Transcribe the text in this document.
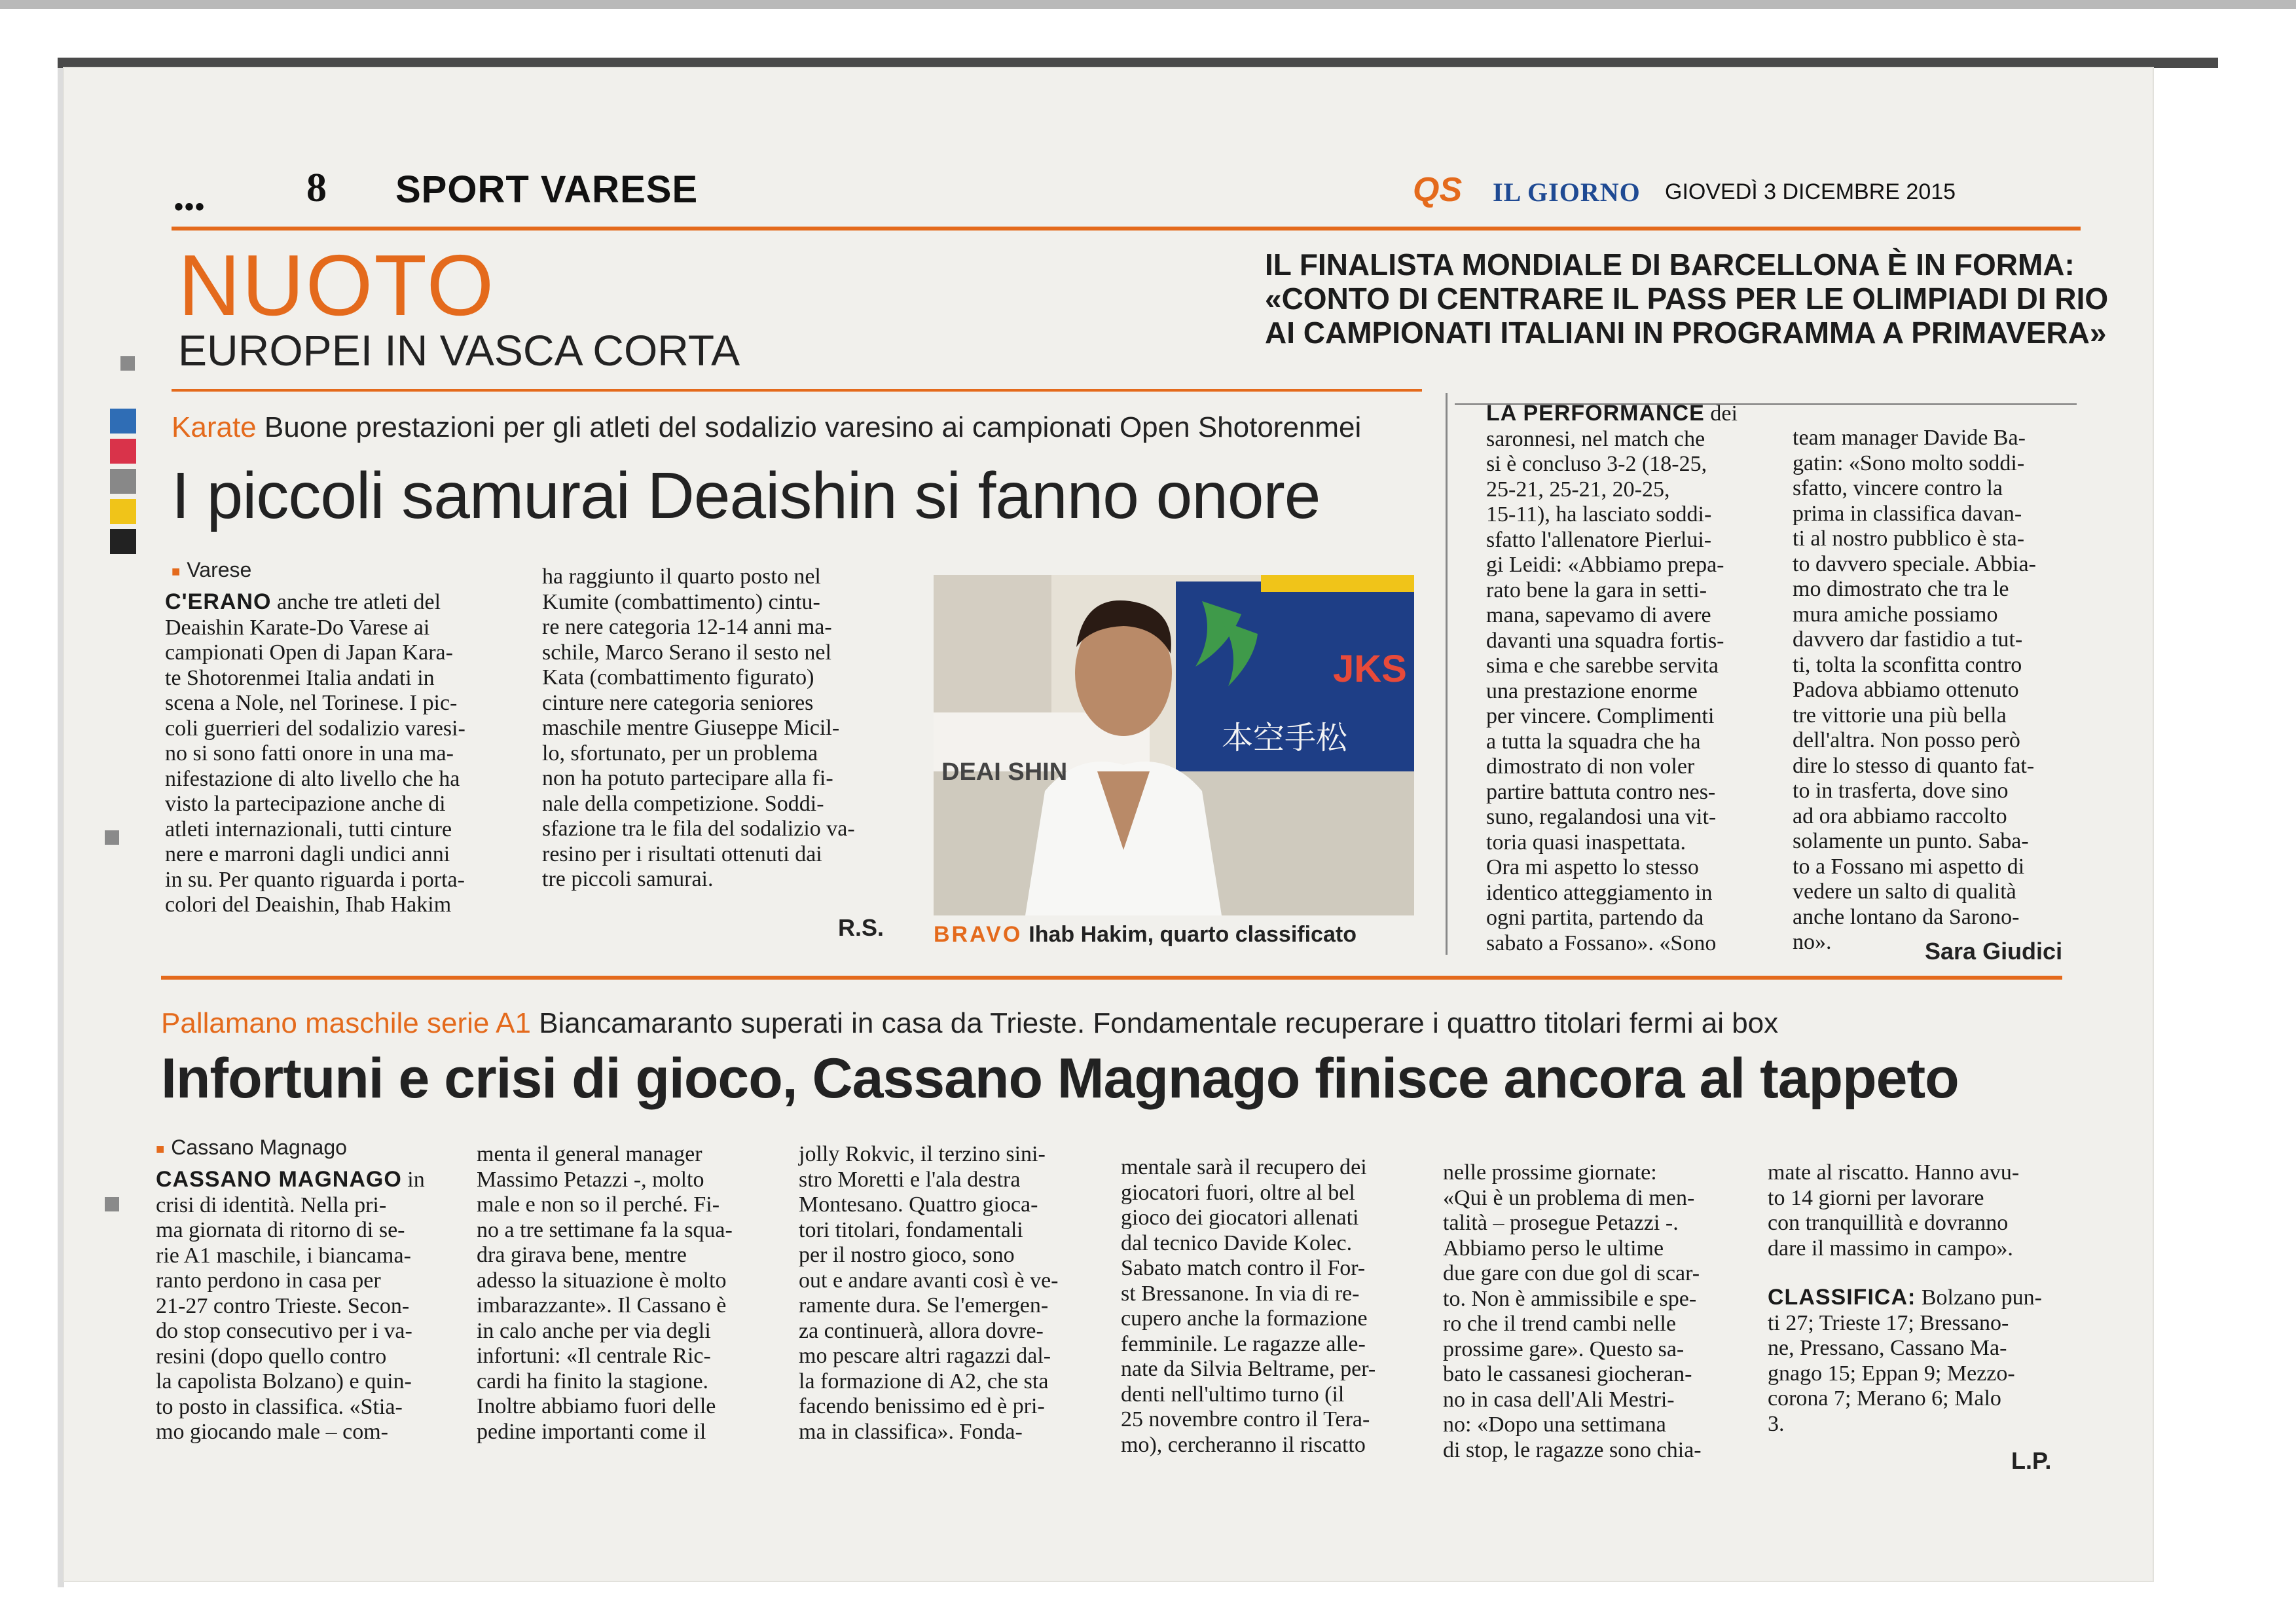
••• 8 SPORT VARESE	QS IL GIORNO GIOVEDÌ 3 DICEMBRE 2015
NUOTO
EUROPEI IN VASCA CORTA

IL FINALISTA MONDIALE DI BARCELLONA È IN FORMA:
«CONTO DI CENTRARE IL PASS PER LE OLIMPIADI DI RIO
AI CAMPIONATI ITALIANI IN PROGRAMMA A PRIMAVERA»
Karate Buone prestazioni per gli atleti del sodalizio varesino ai campionati Open Shotorenmei
I piccoli samurai Deaishin si fanno onore
■ Varese
C'ERANO anche tre atleti del
Deaishin Karate-Do Varese ai
campionati Open di Japan Kara-
te Shotorenmei Italia andati in
scena a Nole, nel Torinese. I pic-
coli guerrieri del sodalizio varesi-
no si sono fatti onore in una ma-
nifestazione di alto livello che ha
visto la partecipazione anche di
atleti internazionali, tutti cinture
nere e marroni dagli undici anni
in su. Per quanto riguarda i porta-
colori del Deaishin, Ihab Hakim
ha raggiunto il quarto posto nel
Kumite (combattimento) cintu-
re nere categoria 12-14 anni ma-
schile, Marco Serano il sesto nel
Kata (combattimento figurato)
cinture nere categoria seniores
maschile mentre Giuseppe Micil-
lo, sfortunato, per un problema
non ha potuto partecipare alla fi-
nale della competizione. Soddi-
sfazione tra le fila del sodalizio va-
resino per i risultati ottenuti dai
tre piccoli samurai.
R.S.
DEAI SHIN
JKS
本空手松
BRAVO Ihab Hakim, quarto classificato
LA PERFORMANCE dei
saronnesi, nel match che
si è concluso 3-2 (18-25,
25-21, 25-21, 20-25,
15-11), ha lasciato soddi-
sfatto l'allenatore Pierlui-
gi Leidi: «Abbiamo prepa-
rato bene la gara in setti-
mana, sapevamo di avere
davanti una squadra fortis-
sima e che sarebbe servita
una prestazione enorme
per vincere. Complimenti
a tutta la squadra che ha
dimostrato di non voler
partire battuta contro nes-
suno, regalandosi una vit-
toria quasi inaspettata.
Ora mi aspetto lo stesso
identico atteggiamento in
ogni partita, partendo da
sabato a Fossano». «Sono
team manager Davide Ba-
gatin: «Sono molto soddi-
sfatto, vincere contro la
prima in classifica davan-
ti al nostro pubblico è sta-
to davvero speciale. Abbia-
mo dimostrato che tra le
mura amiche possiamo
davvero dar fastidio a tut-
ti, tolta la sconfitta contro
Padova abbiamo ottenuto
tre vittorie una più bella
dell'altra. Non posso però
dire lo stesso di quanto fat-
to in trasferta, dove sino
ad ora abbiamo raccolto
solamente un punto. Saba-
to a Fossano mi aspetto di
vedere un salto di qualità
anche lontano da Sarono-
no».	Sara Giudici
Pallamano maschile serie A1 Biancamaranto superati in casa da Trieste. Fondamentale recuperare i quattro titolari fermi ai box
Infortuni e crisi di gioco, Cassano Magnago finisce ancora al tappeto
■ Cassano Magnago
CASSANO MAGNAGO in
crisi di identità. Nella pri-
ma giornata di ritorno di se-
rie A1 maschile, i biancama-
ranto perdono in casa per
21-27 contro Trieste. Secon-
do stop consecutivo per i va-
resini (dopo quello contro
la capolista Bolzano) e quin-
to posto in classifica. «Stia-
mo giocando male – com-
menta il general manager
Massimo Petazzi -, molto
male e non so il perché. Fi-
no a tre settimane fa la squa-
dra girava bene, mentre
adesso la situazione è molto
imbarazzante». Il Cassano è
in calo anche per via degli
infortuni: «Il centrale Ric-
cardi ha finito la stagione.
Inoltre abbiamo fuori delle
pedine importanti come il
jolly Rokvic, il terzino sini-
stro Moretti e l'ala destra
Montesano. Quattro gioca-
tori titolari, fondamentali
per il nostro gioco, sono
out e andare avanti così è ve-
ramente dura. Se l'emergen-
za continuerà, allora dovre-
mo pescare altri ragazzi dal-
la formazione di A2, che sta
facendo benissimo ed è pri-
ma in classifica». Fonda-
mentale sarà il recupero dei
giocatori fuori, oltre al bel
gioco dei giocatori allenati
dal tecnico Davide Kolec.
Sabato match contro il For-
st Bressanone. In via di re-
cupero anche la formazione
femminile. Le ragazze alle-
nate da Silvia Beltrame, per-
denti nell'ultimo turno (il
25 novembre contro il Tera-
mo), cercheranno il riscatto
nelle prossime giornate:
«Qui è un problema di men-
talità – prosegue Petazzi -.
Abbiamo perso le ultime
due gare con due gol di scar-
to. Non è ammissibile e spe-
ro che il trend cambi nelle
prossime gare». Questo sa-
bato le cassanesi giocheran-
no in casa dell'Ali Mestri-
no: «Dopo una settimana
di stop, le ragazze sono chia-
mate al riscatto. Hanno avu-
to 14 giorni per lavorare
con tranquillità e dovranno
dare il massimo in campo».
CLASSIFICA: Bolzano pun-
ti 27; Trieste 17; Bressano-
ne, Pressano, Cassano Ma-
gnago 15; Eppan 9; Mezzo-
corona 7; Merano 6; Malo
3.
L.P.
